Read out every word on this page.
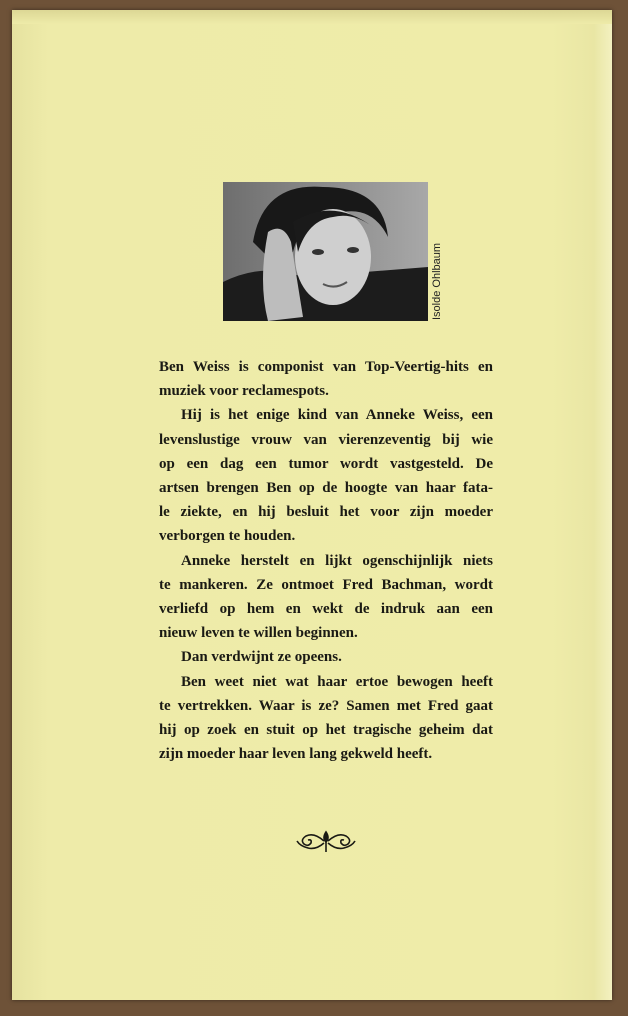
Isolde Ohlbaum
Ben Weiss is componist van Top-Veertig-hits en
muziek voor reclamespots.
Hij is het enige kind van Anneke Weiss, een
levenslustige vrouw van vierenzeventig bij wie
op een dag een tumor wordt vastgesteld. De
artsen brengen Ben op de hoogte van haar fata-
le ziekte, en hij besluit het voor zijn moeder
verborgen te houden.
Anneke herstelt en lijkt ogenschijnlijk niets
te mankeren. Ze ontmoet Fred Bachman, wordt
verliefd op hem en wekt de indruk aan een
nieuw leven te willen beginnen.
Dan verdwijnt ze opeens.
Ben weet niet wat haar ertoe bewogen heeft
te vertrekken. Waar is ze? Samen met Fred gaat
hij op zoek en stuit op het tragische geheim dat
zijn moeder haar leven lang gekweld heeft.
